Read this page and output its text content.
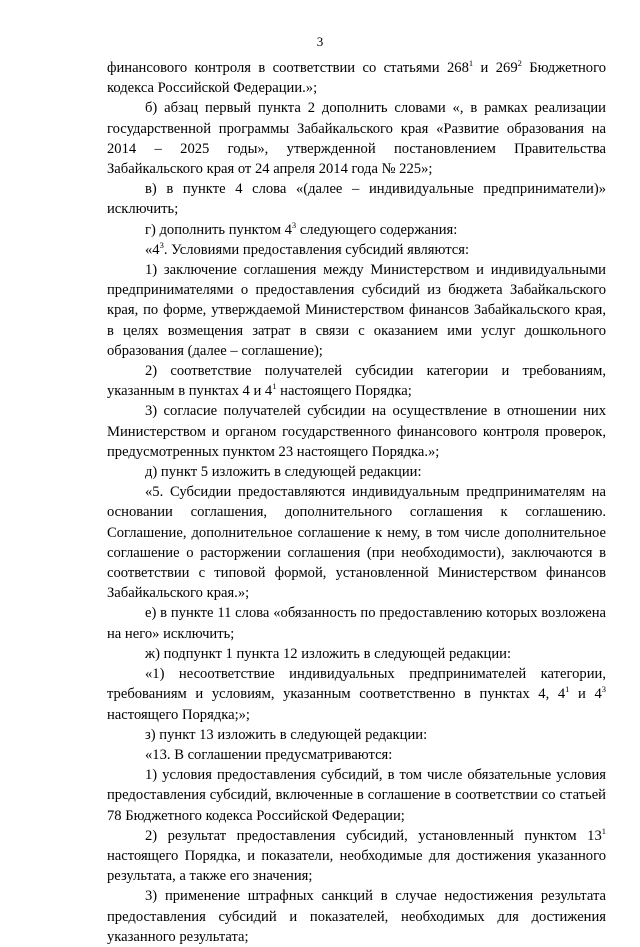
3

финансового контроля в соответствии со статьями $268^1$ и $269^2$ Бюджетного кодекса Российской Федерации.»;

б) абзац первый пункта 2 дополнить словами «, в рамках реализации государственной программы Забайкальского края «Развитие образования на 2014 – 2025 годы», утвержденной постановлением Правительства Забайкальского края от 24 апреля 2014 года № 225»;

в) в пункте 4 слова «(далее – индивидуальные предприниматели)» исключить;

г) дополнить пунктом $4^3$ следующего содержания:

«$4^3$. Условиями предоставления субсидий являются:

1) заключение соглашения между Министерством и индивидуальными предпринимателями о предоставления субсидий из бюджета Забайкальского края, по форме, утверждаемой Министерством финансов Забайкальского края, в целях возмещения затрат в связи с оказанием ими услуг дошкольного образования (далее – соглашение);

2) соответствие получателей субсидии категории и требованиям, указанным в пунктах 4 и $4^1$ настоящего Порядка;

3) согласие получателей субсидии на осуществление в отношении них Министерством и органом государственного финансового контроля проверок, предусмотренных пунктом 23 настоящего Порядка.»;

д) пункт 5 изложить в следующей редакции:

«5. Субсидии предоставляются индивидуальным предпринимателям на основании соглашения, дополнительного соглашения к соглашению. Соглашение, дополнительное соглашение к нему, в том числе дополнительное соглашение о расторжении соглашения (при необходимости), заключаются в соответствии с типовой формой, установленной Министерством финансов Забайкальского края.»;

е) в пункте 11 слова «обязанность по предоставлению которых возложена на него» исключить;

ж) подпункт 1 пункта 12 изложить в следующей редакции:

«1) несоответствие индивидуальных предпринимателей категории, требованиям и условиям, указанным соответственно в пунктах 4, $4^1$ и $4^3$ настоящего Порядка;»;

з) пункт 13 изложить в следующей редакции:

«13. В соглашении предусматриваются:

1) условия предоставления субсидий, в том числе обязательные условия предоставления субсидий, включенные в соглашение в соответствии со статьей 78 Бюджетного кодекса Российской Федерации;

2) результат предоставления субсидий, установленный пунктом $13^1$ настоящего Порядка, и показатели, необходимые для достижения указанного результата, а также его значения;

3) применение штрафных санкций в случае недостижения результата предоставления субсидий и показателей, необходимых для достижения указанного результата;
